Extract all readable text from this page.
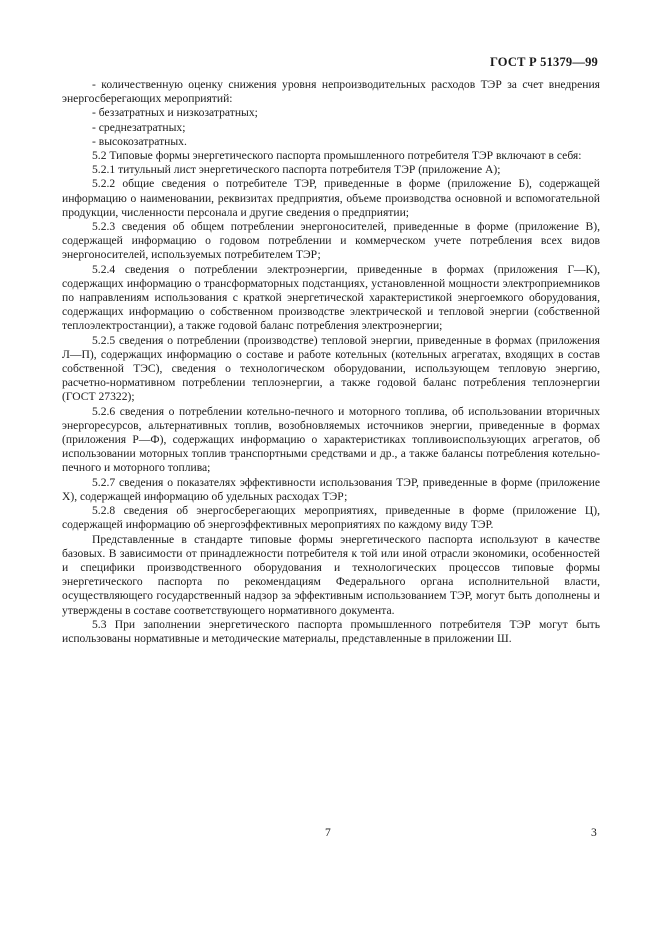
ГОСТ Р 51379—99

- количественную оценку снижения уровня непроизводительных расходов ТЭР за счет внедрения энергосберегающих мероприятий:

- беззатратных и низкозатратных;

- среднезатратных;

- высокозатратных.

5.2 Типовые формы энергетического паспорта промышленного потребителя ТЭР включают в себя:

5.2.1 титульный лист энергетического паспорта потребителя ТЭР (приложение А);

5.2.2 общие сведения о потребителе ТЭР, приведенные в форме (приложение Б), содержащей информацию о наименовании, реквизитах предприятия, объеме производства основной и вспомогательной продукции, численности персонала и другие сведения о предприятии;

5.2.3 сведения об общем потреблении энергоносителей, приведенные в форме (приложение В), содержащей информацию о годовом потреблении и коммерческом учете потребления всех видов энергоносителей, используемых потребителем ТЭР;

5.2.4 сведения о потреблении электроэнергии, приведенные в формах (приложения Г—К), содержащих информацию о трансформаторных подстанциях, установленной мощности электроприемников по направлениям использования с краткой энергетической характеристикой энергоемкого оборудования, содержащих информацию о собственном производстве электрической и тепловой энергии (собственной теплоэлектростанции), а также годовой баланс потребления электроэнергии;

5.2.5 сведения о потреблении (производстве) тепловой энергии, приведенные в формах (приложения Л—П), содержащих информацию о составе и работе котельных (котельных агрегатах, входящих в состав собственной ТЭС), сведения о технологическом оборудовании, использующем тепловую энергию, расчетно-нормативном потреблении теплоэнергии, а также годовой баланс потребления теплоэнергии (ГОСТ 27322);

5.2.6 сведения о потреблении котельно-печного и моторного топлива, об использовании вторичных энергоресурсов, альтернативных топлив, возобновляемых источников энергии, приведенные в формах (приложения Р—Ф), содержащих информацию о характеристиках топливоиспользующих агрегатов, об использовании моторных топлив транспортными средствами и др., а также балансы потребления котельно-печного и моторного топлива;

5.2.7 сведения о показателях эффективности использования ТЭР, приведенные в форме (приложение Х), содержащей информацию об удельных расходах ТЭР;

5.2.8 сведения об энергосберегающих мероприятиях, приведенные в форме (приложение Ц), содержащей информацию об энергоэффективных мероприятиях по каждому виду ТЭР.

Представленные в стандарте типовые формы энергетического паспорта используют в качестве базовых. В зависимости от принадлежности потребителя к той или иной отрасли экономики, особенностей и специфики производственного оборудования и технологических процессов типовые формы энергетического паспорта по рекомендациям Федерального органа исполнительной власти, осуществляющего государственный надзор за эффективным использованием ТЭР, могут быть дополнены и утверждены в составе соответствующего нормативного документа.

5.3 При заполнении энергетического паспорта промышленного потребителя ТЭР могут быть использованы нормативные и методические материалы, представленные в приложении Ш.

7	3
